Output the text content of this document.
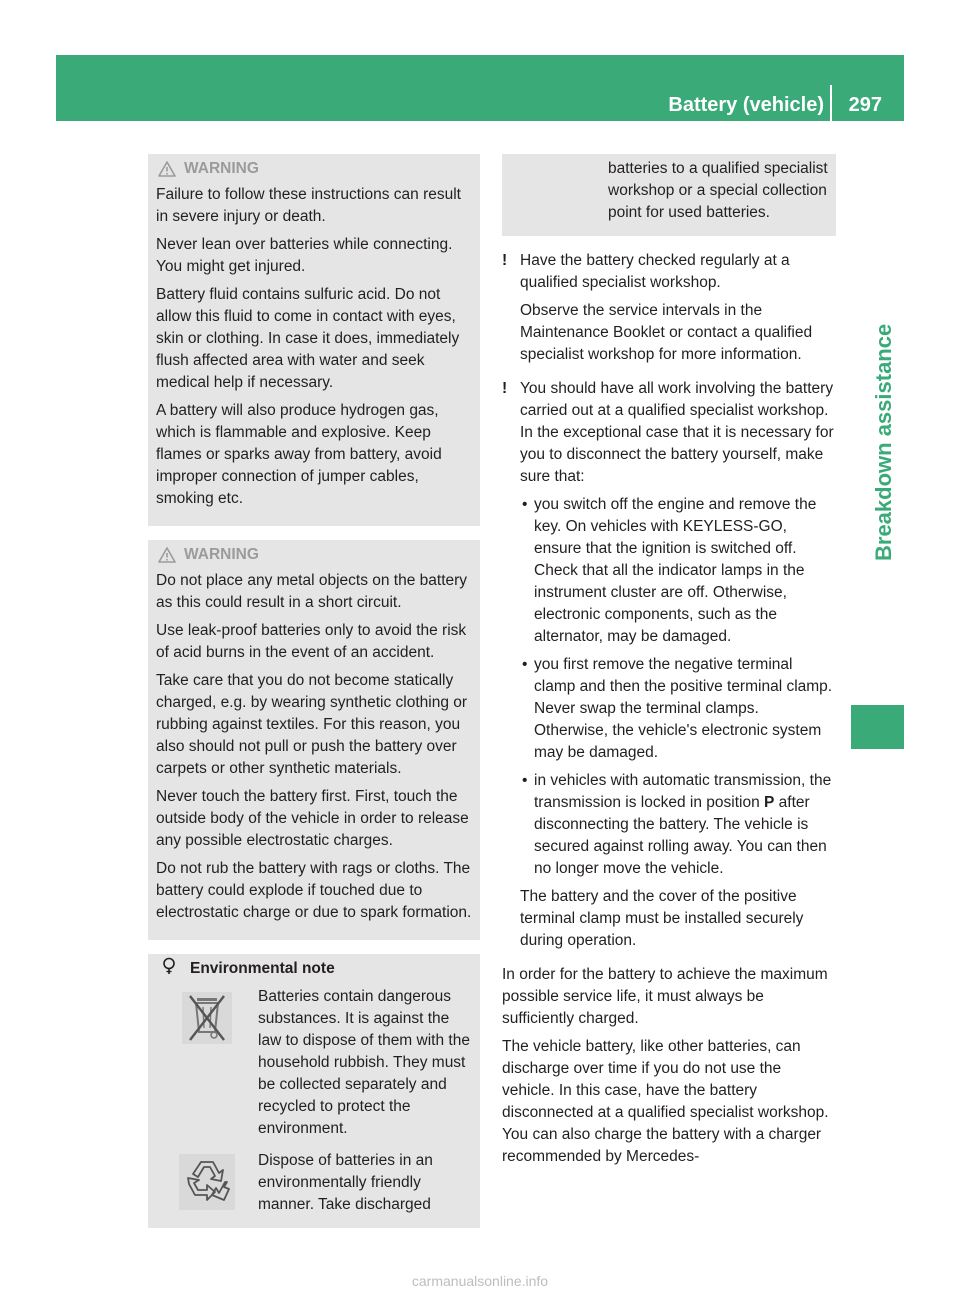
Battery (vehicle) 297
Breakdown assistance
WARNING

Failure to follow these instructions can result in severe injury or death.

Never lean over batteries while connecting. You might get injured.

Battery fluid contains sulfuric acid. Do not allow this fluid to come in contact with eyes, skin or clothing. In case it does, immediately flush affected area with water and seek medical help if necessary.

A battery will also produce hydrogen gas, which is flammable and explosive. Keep flames or sparks away from battery, avoid improper connection of jumper cables, smoking etc.

WARNING

Do not place any metal objects on the battery as this could result in a short circuit.

Use leak-proof batteries only to avoid the risk of acid burns in the event of an accident.

Take care that you do not become statically charged, e.g. by wearing synthetic clothing or rubbing against textiles. For this reason, you also should not pull or push the battery over carpets or other synthetic materials.

Never touch the battery first. First, touch the outside body of the vehicle in order to release any possible electrostatic charges.

Do not rub the battery with rags or cloths. The battery could explode if touched due to electrostatic charge or due to spark formation.

Environmental note
Batteries contain dangerous substances. It is against the law to dispose of them with the household rubbish. They must be collected separately and recycled to protect the environment.
Dispose of batteries in an environmentally friendly manner. Take discharged
batteries to a qualified specialist workshop or a special collection point for used batteries.
! Have the battery checked regularly at a qualified specialist workshop.

Observe the service intervals in the Maintenance Booklet or contact a qualified specialist workshop for more information.

! You should have all work involving the battery carried out at a qualified specialist workshop. In the exceptional case that it is necessary for you to disconnect the battery yourself, make sure that:

• you switch off the engine and remove the key. On vehicles with KEYLESS-GO, ensure that the ignition is switched off. Check that all the indicator lamps in the instrument cluster are off. Otherwise, electronic components, such as the alternator, may be damaged.
• you first remove the negative terminal clamp and then the positive terminal clamp. Never swap the terminal clamps. Otherwise, the vehicle's electronic system may be damaged.
• in vehicles with automatic transmission, the transmission is locked in position P after disconnecting the battery. The vehicle is secured against rolling away. You can then no longer move the vehicle.

The battery and the cover of the positive terminal clamp must be installed securely during operation.

In order for the battery to achieve the maximum possible service life, it must always be sufficiently charged.

The vehicle battery, like other batteries, can discharge over time if you do not use the vehicle. In this case, have the battery disconnected at a qualified specialist workshop. You can also charge the battery with a charger recommended by Mercedes-

carmanualsonline.info
